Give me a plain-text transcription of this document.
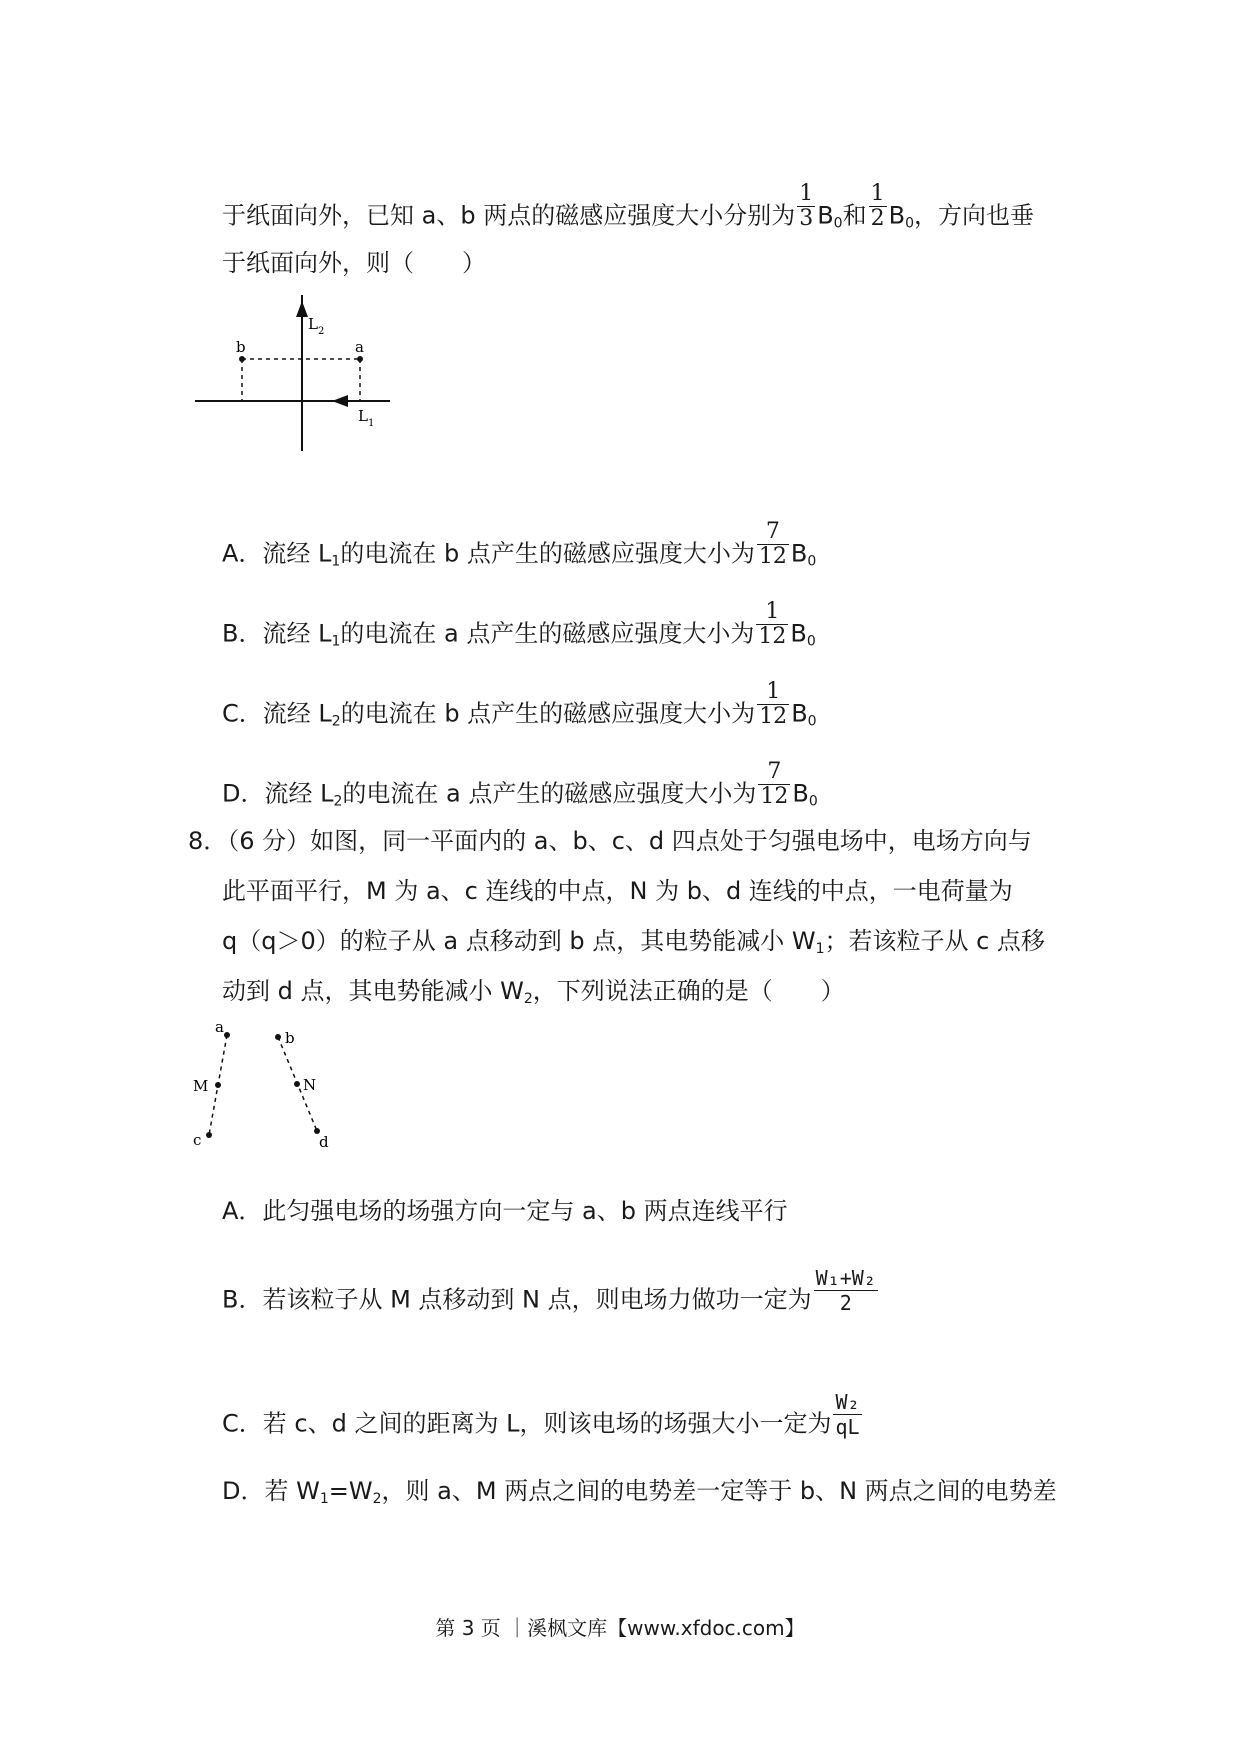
于纸面向外，已知 a、b 两点的磁感应强度大小分别为 $\frac{1}{3} B_0$和 $\frac{1}{2} B_0$，方向也垂
于纸面向外，则（　　）
b	a
L 2
L 1
A．流经 $L_1$的电流在 b 点产生的磁感应强度大小为 $\frac{7}{12} B_0$
B．流经 $L_1$的电流在 a 点产生的磁感应强度大小为 $\frac{1}{12} B_0$
C．流经 $L_2$的电流在 b 点产生的磁感应强度大小为 $\frac{1}{12} B_0$
D．流经 $L_2$的电流在 a 点产生的磁感应强度大小为 $\frac{7}{12} B_0$
8．（6 分）如图，同一平面内的 a、b、c、d 四点处于匀强电场中，电场方向与
此平面平行，M 为 a、c 连线的中点，N 为 b、d 连线的中点，一电荷量为
q（q＞0）的粒子从 a 点移动到 b 点，其电势能减小 $W_1$；若该粒子从 c 点移
动到 d 点，其电势能减小 $W_2$，下列说法正确的是（　　）
a
b
c	d
M	N
A．此匀强电场的场强方向一定与 a、b 两点连线平行
B．若该粒子从 M 点移动到 N 点，则电场力做功一定为 $\frac{\text{W₁+W₂}}{2}$
C．若 c、d 之间的距离为 L，则该电场的场强大小一定为 $\frac{\text{W₂}}{qL}$
D．若 $W_1=W_2$，则 a、M 两点之间的电势差一定等于 b、N 两点之间的电势差
第 3 页 ｜溪枫文库【www.xfdoc.com】
